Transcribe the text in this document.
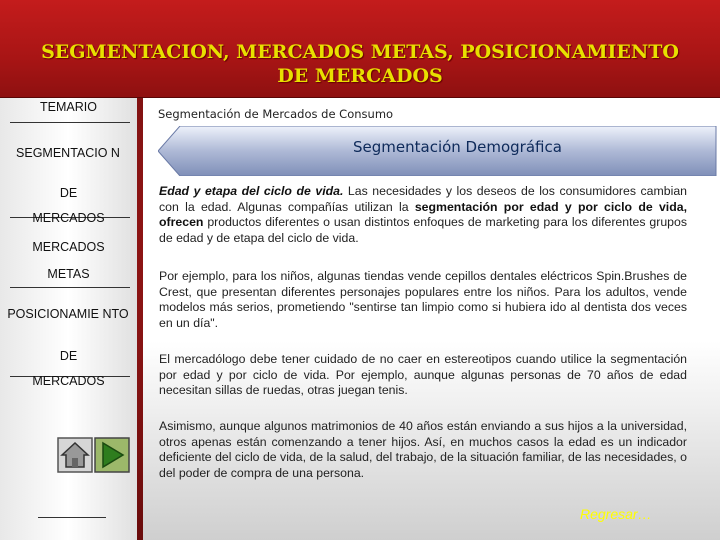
SEGMENTACION, MERCADOS METAS, POSICIONAMIENTO DE MERCADOS
TEMARIO
SEGMENTACIO N
DE
MERCADOS
MERCADOS
METAS
POSICIONAMIE NTO
DE
MERCADOS
Segmentación de Mercados de Consumo
Segmentación Demográfica
Edad y etapa del ciclo de vida. Las necesidades y los deseos de los consumidores cambian con la edad. Algunas compañías utilizan la segmentación por edad y por ciclo de vida, ofrecen productos diferentes o usan distintos enfoques de marketing para los diferentes grupos de edad y de etapa del ciclo de vida.
Por ejemplo, para los niños, algunas tiendas vende cepillos dentales eléctricos Spin.Brushes de Crest, que presentan diferentes personajes populares entre los niños. Para los adultos, vende modelos más serios, prometiendo "sentirse tan limpio como si hubiera ido al dentista dos veces en un día".
El mercadólogo debe tener cuidado de no caer en estereotipos cuando utilice la segmentación por edad y por ciclo de vida. Por ejemplo, aunque algunas personas de 70 años de edad necesitan sillas de ruedas, otras juegan tenis.
Asimismo, aunque algunos matrimonios de 40 años están enviando a sus hijos a la universidad, otros apenas están comenzando a tener hijos. Así, en muchos casos la edad es un indicador deficiente del ciclo de vida, de la salud, del trabajo, de la situación familiar, de las necesidades, o del poder de compra de una persona.
Regresar…
